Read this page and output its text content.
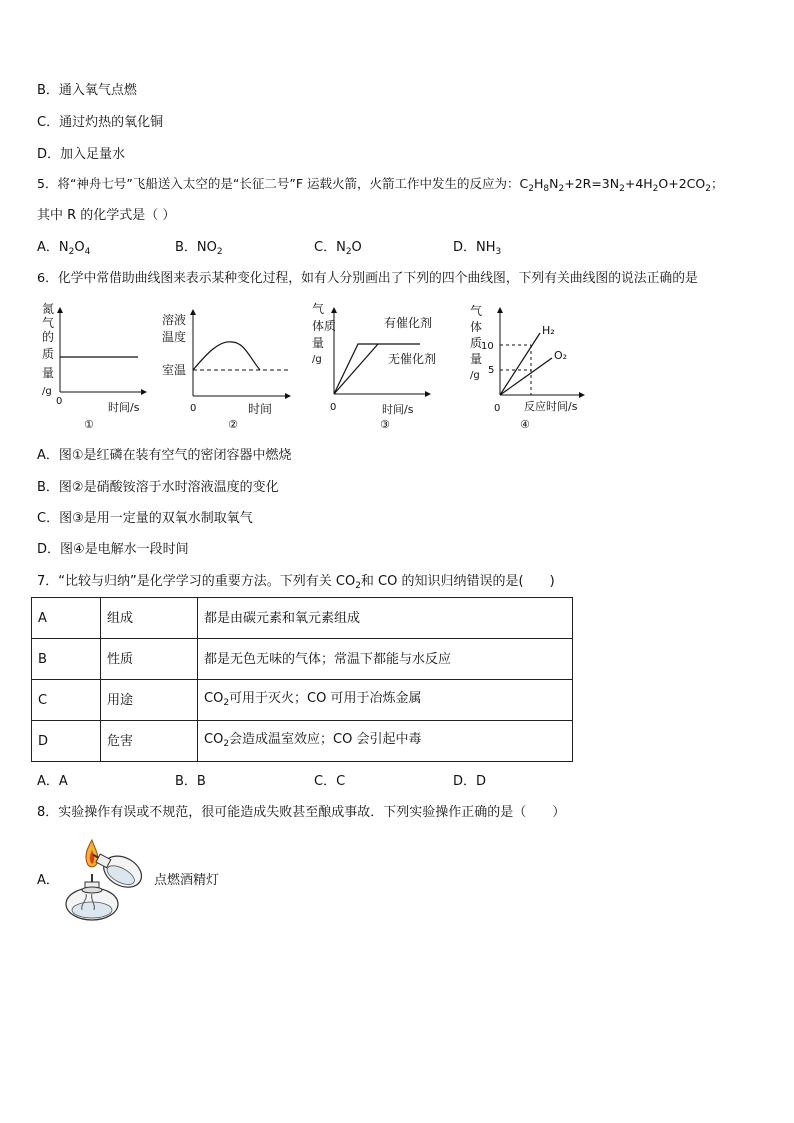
B．通入氧气点燃
C．通过灼热的氧化铜
D．加入足量水
5．将“神舟七号”飞船送入太空的是“长征二号”F 运载火箭，火箭工作中发生的反应为：$C_2H_8N_2+2R=3N_2+4H_2O+2CO_2$；
其中 R 的化学式是（ ）
A．$N_2O_4$	B．$NO_2$	C．$N_2O$	D．$NH_3$
6．化学中常借助曲线图来表示某种变化过程，如有人分别画出了下列的四个曲线图，下列有关曲线图的说法正确的是
氮
气
的
质
量
/g
0	时间/s
①
溶液
温度
室温
0	时间
②
气
体质
量
/g
有催化剂
无催化剂
0	时间/s
③
气
体
质
量
/g
H₂
O₂
10
5
0 反应时间/s
④
A．图①是红磷在装有空气的密闭容器中燃烧
B．图②是硝酸铵溶于水时溶液温度的变化
C．图③是用一定量的双氧水制取氧气
D．图④是电解水一段时间
7．“比较与归纳”是化学学习的重要方法。下列有关 $CO_2$和 CO 的知识归纳错误的是(　　)
A	组成	都是由碳元素和氧元素组成
B	性质	都是无色无味的气体；常温下都能与水反应
C	用途	$CO_2$可用于灭火；CO 可用于冶炼金属
D	危害	$CO_2$会造成温室效应；CO 会引起中毒
A．A	B．B	C．C	D．D
8．实验操作有误或不规范，很可能造成失败甚至酿成事故．下列实验操作正确的是（　　）
A．	点燃酒精灯
